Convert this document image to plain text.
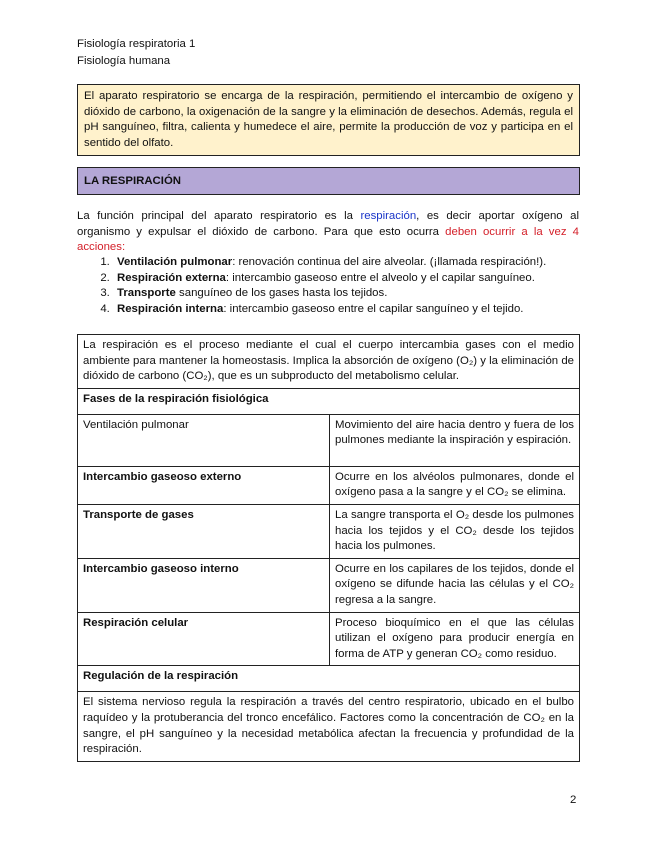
Fisiología respiratoria 1
Fisiología humana
El aparato respiratorio se encarga de la respiración, permitiendo el intercambio de oxígeno y dióxido de carbono, la oxigenación de la sangre y la eliminación de desechos. Además, regula el pH sanguíneo, filtra, calienta y humedece el aire, permite la producción de voz y participa en el sentido del olfato.
LA RESPIRACIÓN
La función principal del aparato respiratorio es la respiración, es decir aportar oxígeno al organismo y expulsar el dióxido de carbono. Para que esto ocurra deben ocurrir a la vez 4 acciones:
1. Ventilación pulmonar: renovación continua del aire alveolar. (¡llamada respiración!).
2. Respiración externa: intercambio gaseoso entre el alveolo y el capilar sanguíneo.
3. Transporte sanguíneo de los gases hasta los tejidos.
4. Respiración interna: intercambio gaseoso entre el capilar sanguíneo y el tejido.
La respiración es el proceso mediante el cual el cuerpo intercambia gases con el medio ambiente para mantener la homeostasis. Implica la absorción de oxígeno (O₂) y la eliminación de dióxido de carbono (CO₂), que es un subproducto del metabolismo celular.	
Fases de la respiración fisiológica	
Ventilación pulmonar	Movimiento del aire hacia dentro y fuera de los pulmones mediante la inspiración y espiración.
Intercambio gaseoso externo	Ocurre en los alvéolos pulmonares, donde el oxígeno pasa a la sangre y el CO₂ se elimina.
Transporte de gases	La sangre transporta el O₂ desde los pulmones hacia los tejidos y el CO₂ desde los tejidos hacia los pulmones.
Intercambio gaseoso interno	Ocurre en los capilares de los tejidos, donde el oxígeno se difunde hacia las células y el CO₂ regresa a la sangre.
Respiración celular	Proceso bioquímico en el que las células utilizan el oxígeno para producir energía en forma de ATP y generan CO₂ como residuo.
Regulación de la respiración	
El sistema nervioso regula la respiración a través del centro respiratorio, ubicado en el bulbo raquídeo y la protuberancia del tronco encefálico. Factores como la concentración de CO₂ en la sangre, el pH sanguíneo y la necesidad metabólica afectan la frecuencia y profundidad de la respiración.	
2
